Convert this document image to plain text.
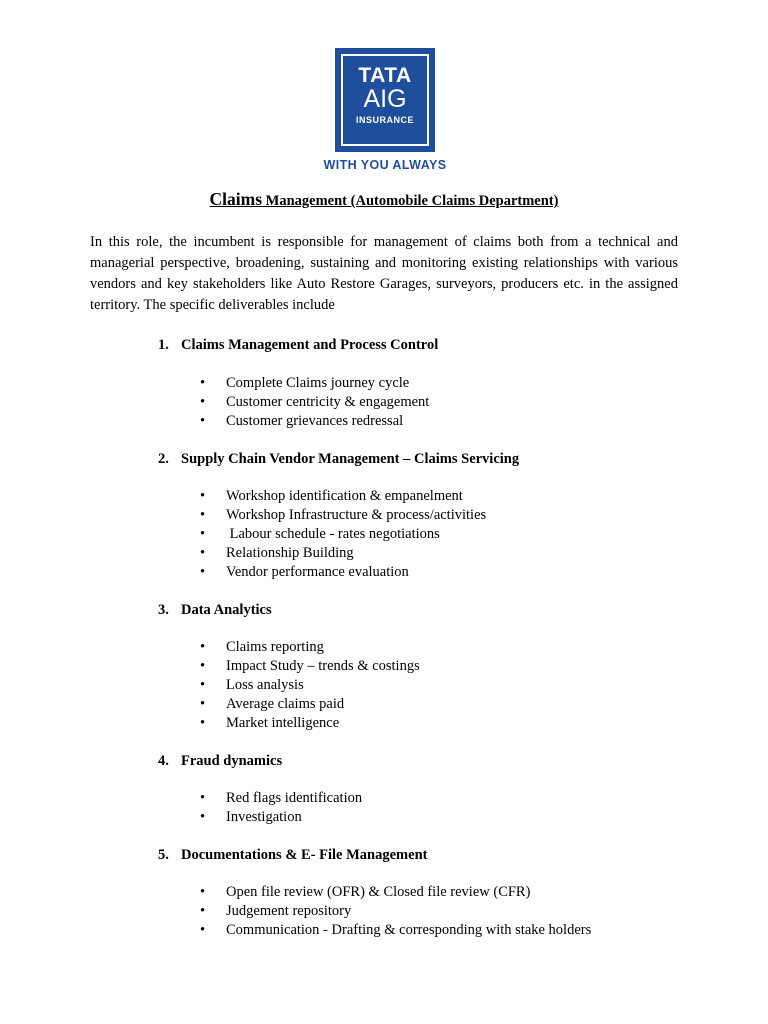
TATA
AIG
INSURANCE
WITH YOU ALWAYS
Claims Management (Automobile Claims Department)
In this role, the incumbent is responsible for management of claims both from a technical and managerial perspective, broadening, sustaining and monitoring existing relationships with various vendors and key stakeholders like Auto Restore Garages, surveyors, producers etc. in the assigned territory. The specific deliverables include
1. Claims Management and Process Control
• Complete Claims journey cycle
• Customer centricity & engagement
• Customer grievances redressal
2. Supply Chain Vendor Management – Claims Servicing
• Workshop identification & empanelment
• Workshop Infrastructure & process/activities
• Labour schedule - rates negotiations
• Relationship Building
• Vendor performance evaluation
3. Data Analytics
• Claims reporting
• Impact Study – trends & costings
• Loss analysis
• Average claims paid
• Market intelligence
4. Fraud dynamics
• Red flags identification
• Investigation
5. Documentations & E- File Management
• Open file review (OFR) & Closed file review (CFR)
• Judgement repository
• Communication - Drafting & corresponding with stake holders
